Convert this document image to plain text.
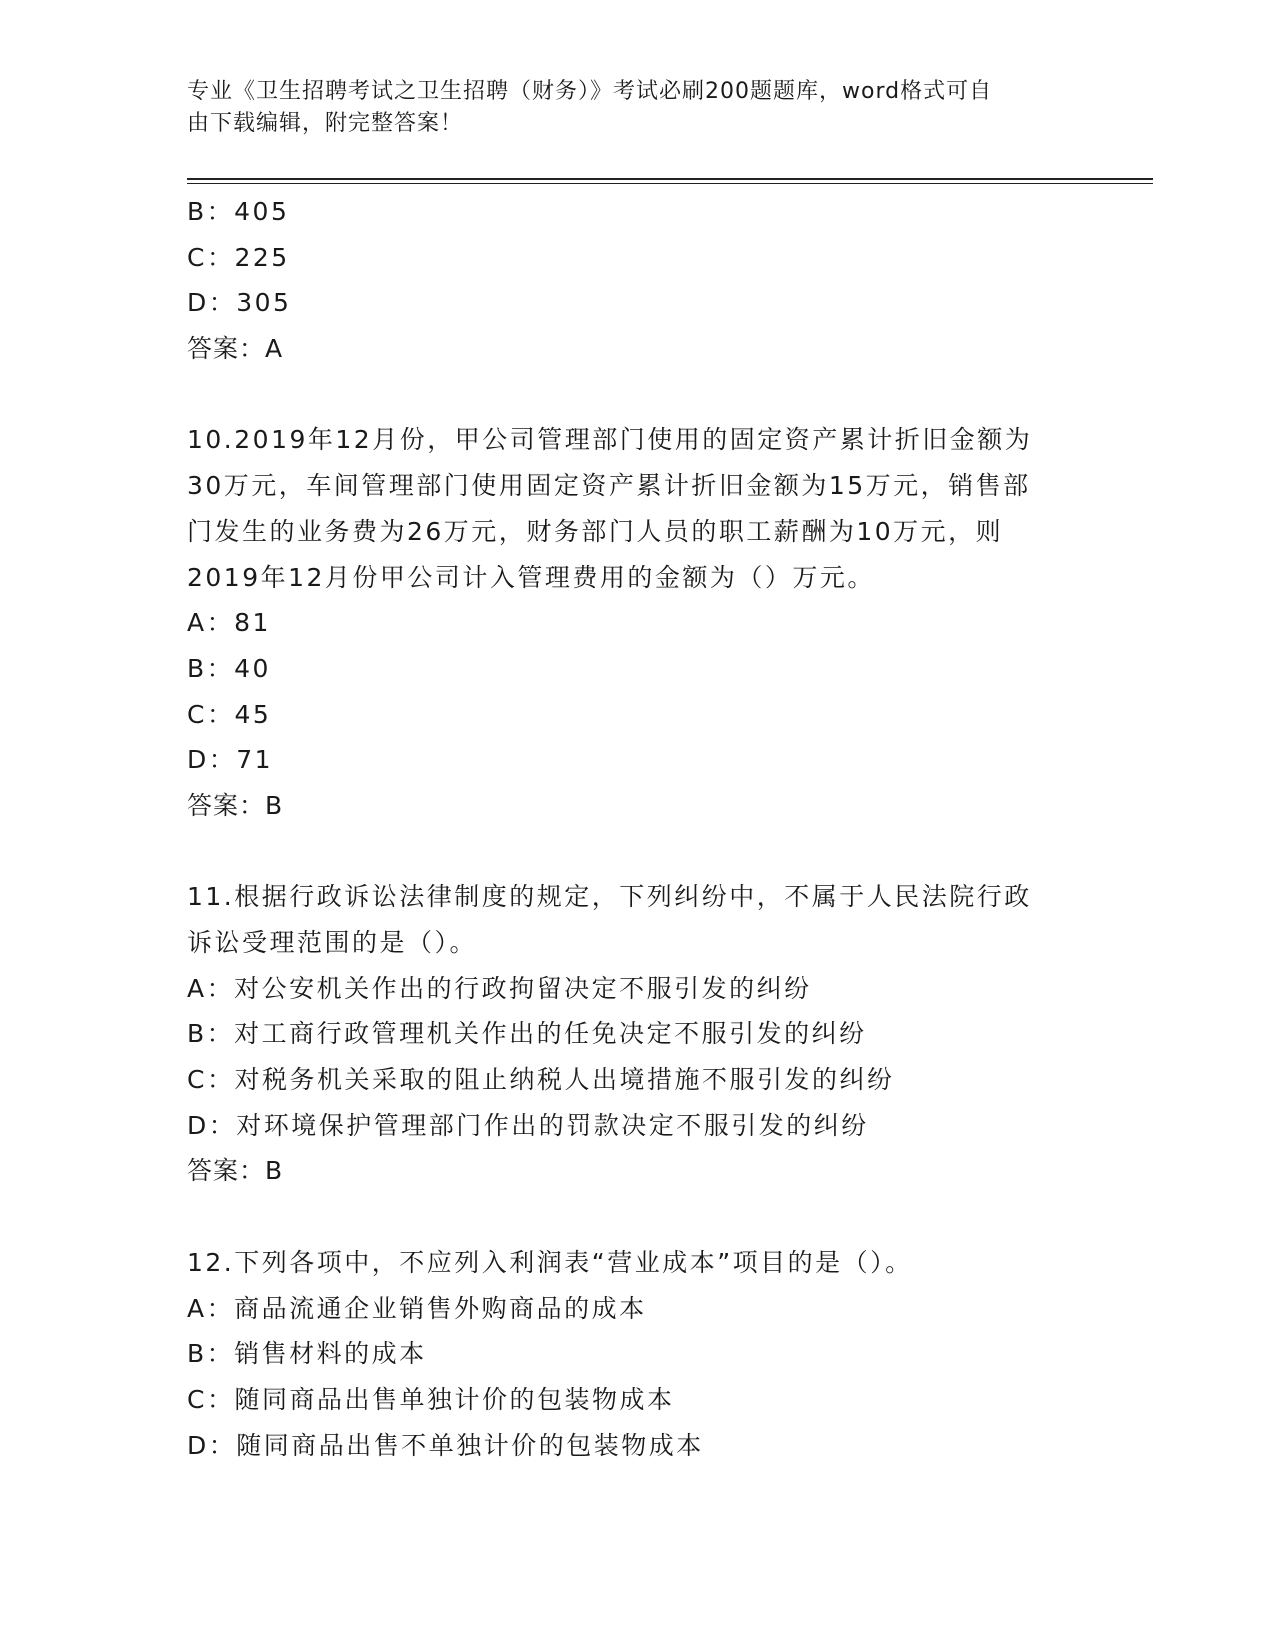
专业《卫生招聘考试之卫生招聘（财务）》考试必刷200题题库，word格式可自
由下载编辑，附完整答案！
B：405
C：225
D：305
答案：A
10.2019年12月份，甲公司管理部门使用的固定资产累计折旧金额为
30万元，车间管理部门使用固定资产累计折旧金额为15万元，销售部
门发生的业务费为26万元，财务部门人员的职工薪酬为10万元，则
2019年12月份甲公司计入管理费用的金额为（）万元。
A：81
B：40
C：45
D：71
答案：B
11.根据行政诉讼法律制度的规定，下列纠纷中，不属于人民法院行政
诉讼受理范围的是（）。
A：对公安机关作出的行政拘留决定不服引发的纠纷
B：对工商行政管理机关作出的任免决定不服引发的纠纷
C：对税务机关采取的阻止纳税人出境措施不服引发的纠纷
D：对环境保护管理部门作出的罚款决定不服引发的纠纷
答案：B
12.下列各项中，不应列入利润表“营业成本”项目的是（）。
A：商品流通企业销售外购商品的成本
B：销售材料的成本
C：随同商品出售单独计价的包装物成本
D：随同商品出售不单独计价的包装物成本
